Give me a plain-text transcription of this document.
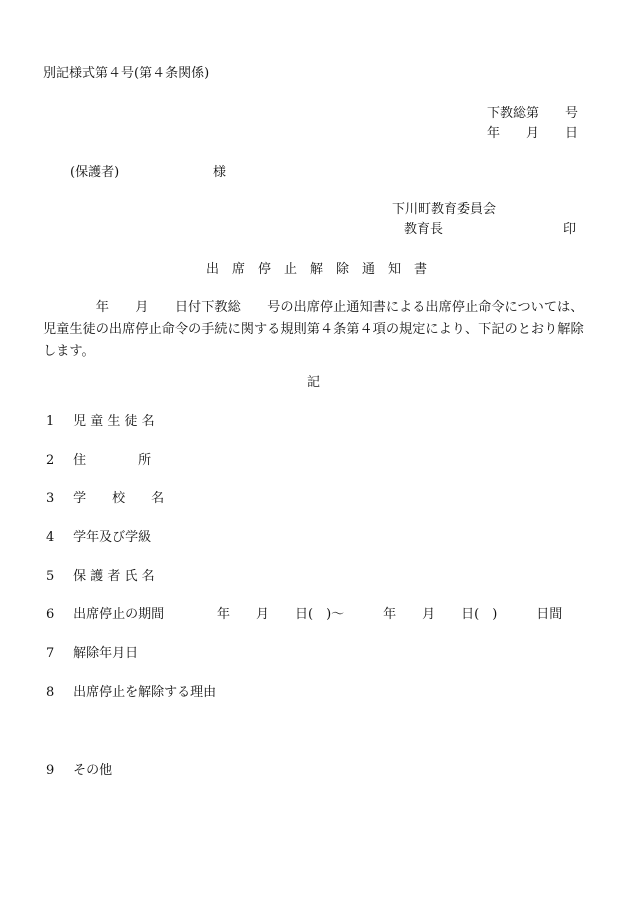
別記様式第４号(第４条関係)
下教総第　　号
年　　月　　日
(保護者)	様
下川町教育委員会
教育長	印
出　席　停　止　解　除　通　知　書
　　　　年　　月　　日付下教総　　号の出席停止通知書による出席停止命令については、児童生徒の出席停止命令の手続に関する規則第４条第４項の規定により、下記のとおり解除します。
記
1 児 童 生 徒 名
2 住　　　　所
3 学　　校　　名
4 学年及び学級
5 保 護 者 氏 名
6 出席停止の期間	年　　月　　日(　)～　　　年　　月　　日(　)　　　日間
7 解除年月日
8 出席停止を解除する理由
9 その他
